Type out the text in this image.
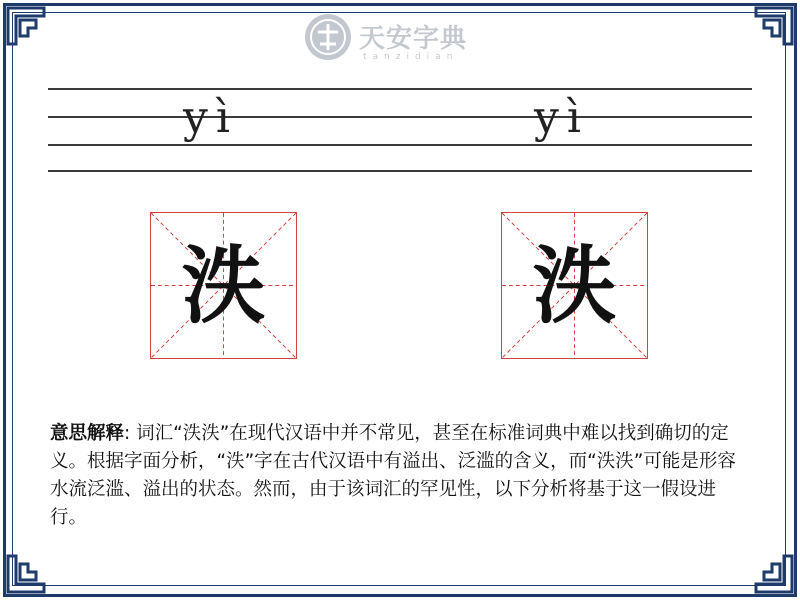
天安字典
tanzidian
yì	yì
泆	泆
意思解释: 词汇“泆泆”在现代汉语中并不常见，甚至在标准词典中难以找到确切的定义。根据字面分析，“泆”字在古代汉语中有溢出、泛滥的含义，而“泆泆”可能是形容水流泛滥、溢出的状态。然而，由于该词汇的罕见性，以下分析将基于这一假设进行。
